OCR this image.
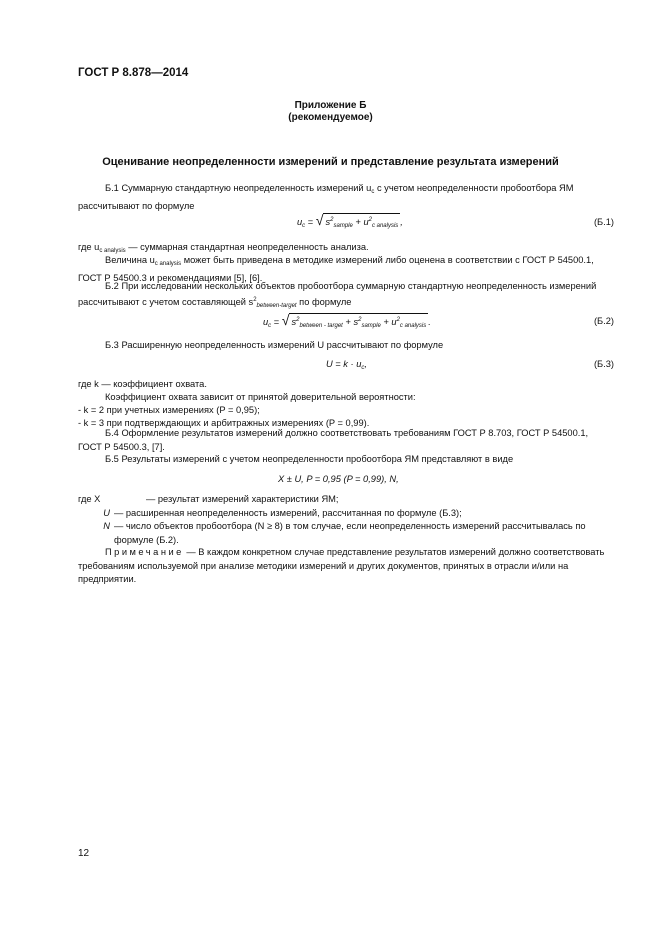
ГОСТ Р 8.878—2014
Приложение Б
(рекомендуемое)
Оценивание неопределенности измерений и представление результата измерений
Б.1 Суммарную стандартную неопределенность измерений $u_c$ с учетом неопределенности пробоотбора ЯМ рассчитывают по формуле
$u_c$ = √ $s^2_{sample} + u^2_{c analysis}$ ,	(Б.1)
где $u_{c analysis}$ — суммарная стандартная неопределенность анализа.
Величина $u_{c analysis}$ может быть приведена в методике измерений либо оценена в соответствии с ГОСТ Р 54500.1, ГОСТ Р 54500.3 и рекомендациями [5], [6].
Б.2 При исследовании нескольких объектов пробоотбора суммарную стандартную неопределенность измерений рассчитывают с учетом составляющей $s^2_{between-target}$ по формуле
$u_c$ = √ $s^2_{between - target} + s^2_{sample} + u^2_{c analysis}$ .	(Б.2)
Б.3 Расширенную неопределенность измерений U рассчитывают по формуле
$U = k \cdot u_c$,	(Б.3)
где k — коэффициент охвата.
Коэффициент охвата зависит от принятой доверительной вероятности:
- k = 2 при учетных измерениях (P = 0,95);
- k = 3 при подтверждающих и арбитражных измерениях (P = 0,99).
Б.4 Оформление результатов измерений должно соответствовать требованиям ГОСТ Р 8.703, ГОСТ Р 54500.1, ГОСТ Р 54500.3, [7].
Б.5 Результаты измерений с учетом неопределенности пробоотбора ЯМ представляют в виде
X ± U, P = 0,95 (P = 0,99), N,
где X	— результат измерений характеристики ЯМ;
U — расширенная неопределенность измерений, рассчитанная по формуле (Б.3);
N — число объектов пробоотбора (N ≥ 8) в том случае, если неопределенность измерений рассчитывалась по формуле (Б.2).
Примечание — В каждом конкретном случае представление результатов измерений должно соответствовать требованиям используемой при анализе методики измерений и других документов, принятых в отрасли и/или на предприятии.
12
